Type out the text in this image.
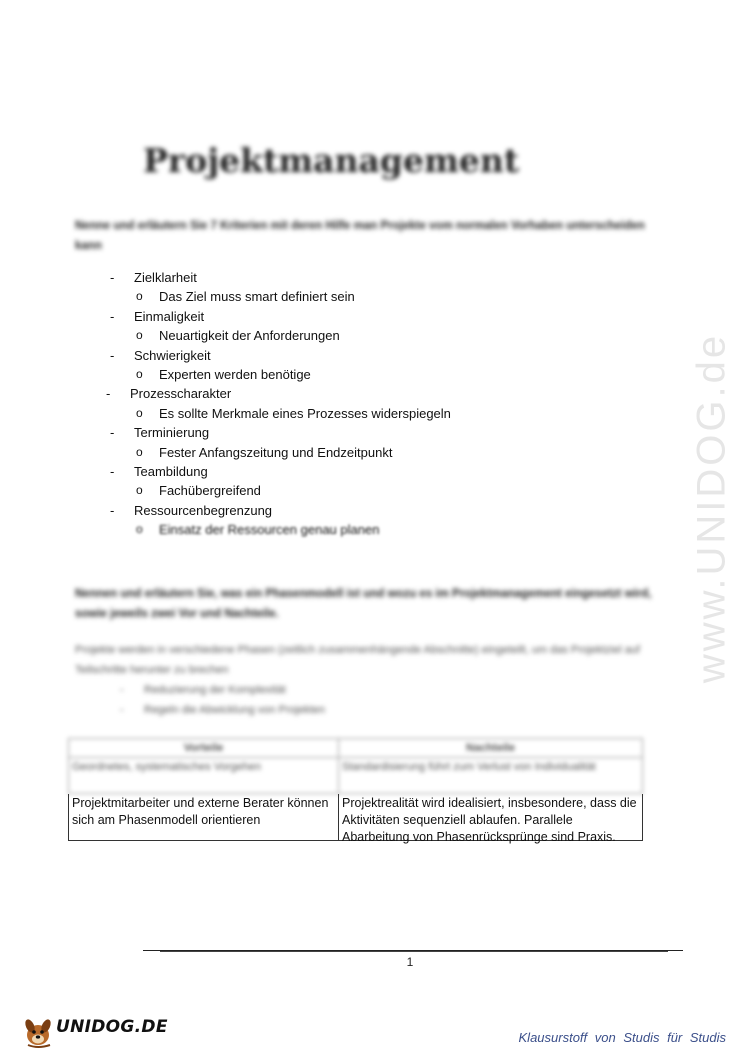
www.UNIDOG.de
Projektmanagement
Nenne und erläutern Sie 7 Kriterien mit deren Hilfe man Projekte vom normalen Vorhaben unterscheiden kann
- Zielklarheit
o Das Ziel muss smart definiert sein
- Einmaligkeit
o Neuartigkeit der Anforderungen
- Schwierigkeit
o Experten werden benötige
- Prozesscharakter
o Es sollte Merkmale eines Prozesses widerspiegeln
- Terminierung
o Fester Anfangszeitung und Endzeitpunkt
- Teambildung
o Fachübergreifend
- Ressourcenbegrenzung
o Einsatz der Ressourcen genau planen
Nennen und erläutern Sie, was ein Phasenmodell ist und wozu es im Projektmanagement eingesetzt wird, sowie jeweils zwei Vor und Nachteile.
Projekte werden in verschiedene Phasen (zeitlich zusammenhängende Abschnitte) eingeteilt, um das Projektziel auf Teilschritte herunter zu brechen
- Reduzierung der Komplexität
- Regeln die Abwicklung von Projekten
Vorteile	Nachteile
Geordnetes, systematisches Vorgehen	Standardisierung führt zum Verlust von Individualität
Projektmitarbeiter und externe Berater können sich am Phasenmodell orientieren
Projektrealität wird idealisiert, insbesondere, dass die Aktivitäten sequenziell ablaufen. Parallele Abarbeitung von Phasenrücksprünge sind Praxis.
1
UNIDOG.DE
Klausurstoff von Studis für Studis
